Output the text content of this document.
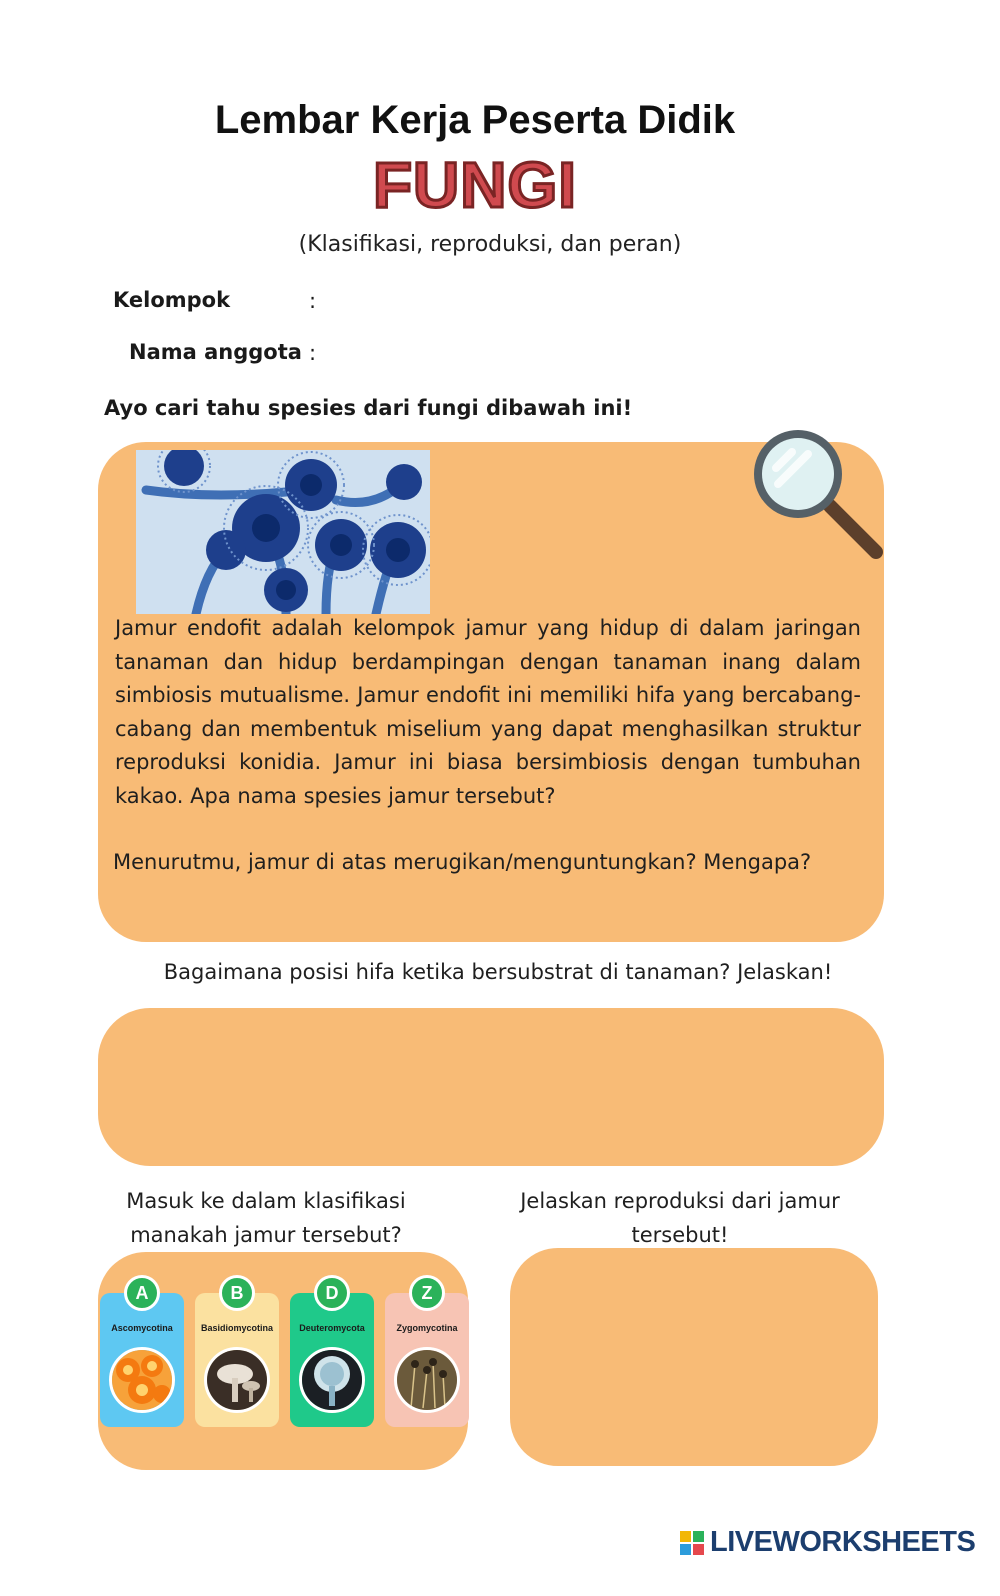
Lembar Kerja Peserta Didik
FUNGI
(Klasifikasi, reproduksi, dan peran)
Kelompok	:
Nama anggota :
Ayo cari tahu spesies dari fungi dibawah ini!
Jamur endofit adalah kelompok jamur yang hidup di dalam jaringan tanaman dan hidup berdampingan dengan tanaman inang dalam simbiosis mutualisme. Jamur endofit ini memiliki hifa yang bercabang-cabang dan membentuk miselium yang dapat menghasilkan struktur reproduksi konidia. Jamur ini biasa bersimbiosis dengan tumbuhan kakao. Apa nama spesies jamur tersebut?
Menurutmu, jamur di atas merugikan/menguntungkan? Mengapa?
Bagaimana posisi hifa ketika bersubstrat di tanaman? Jelaskan!
Masuk ke dalam klasifikasi
manakah jamur tersebut?
A
Ascomycotina
B
Basidiomycotina
D
Deuteromycota
Z
Zygomycotina
Jelaskan reproduksi dari jamur
tersebut!
LIVEWORKSHEETS
